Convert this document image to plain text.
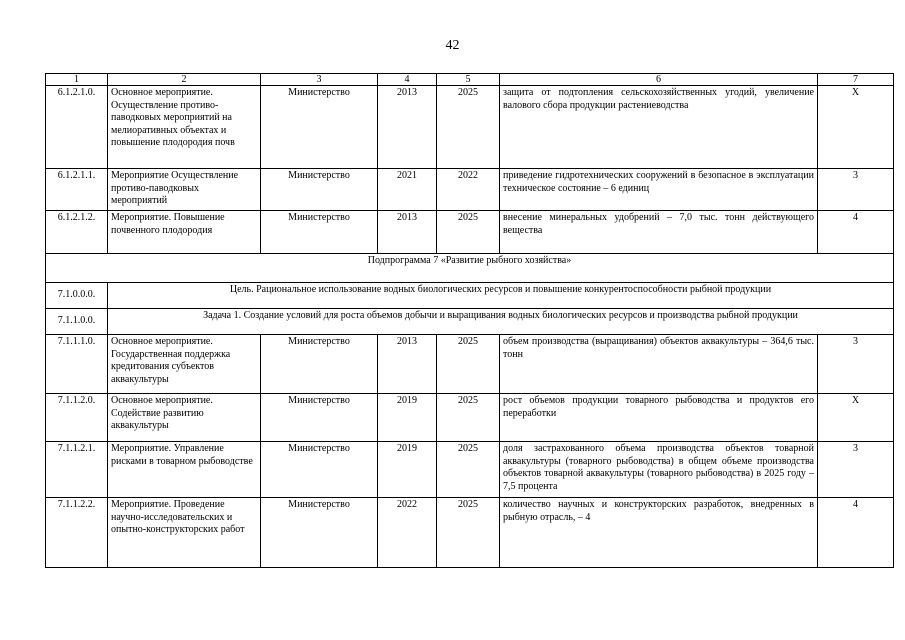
42
1	2	3	4	5	6	7
6.1.2.1.0.	Основное мероприятие. Осуществление противо-паводковых мероприятий на мелиоративных объектах и повышение плодородия почв	Министерство	2013	2025	защита от подтопления сельскохозяйственных угодий, увеличение валового сбора продукции растениеводства	Х
6.1.2.1.1.	Мероприятие Осуществление противо-паводковых мероприятий	Министерство	2021	2022	приведение гидротехнических сооружений в безопасное в эксплуатации техническое состояние – 6 единиц	3
6.1.2.1.2.	Мероприятие. Повышение почвенного плодородия	Министерство	2013	2025	внесение минеральных удобрений – 7,0 тыс. тонн действующего вещества	4
Подпрограмма 7 «Развитие рыбного хозяйства»						
7.1.0.0.0.	Цель. Рациональное использование водных биологических ресурсов и повышение конкурентоспособности рыбной продукции					
7.1.1.0.0.	Задача 1. Создание условий для роста объемов добычи и выращивания водных биологических ресурсов и производства рыбной продукции					
7.1.1.1.0.	Основное мероприятие. Государственная поддержка кредитования субъектов аквакультуры	Министерство	2013	2025	объем производства (выращивания) объектов аквакультуры – 364,6 тыс. тонн	3
7.1.1.2.0.	Основное мероприятие. Содействие развитию аквакультуры	Министерство	2019	2025	рост объемов продукции товарного рыбоводства и продуктов его переработки	Х
7.1.1.2.1.	Мероприятие. Управление рисками в товарном рыбоводстве	Министерство	2019	2025	доля застрахованного объема производства объектов товарной аквакультуры (товарного рыбоводства) в общем объеме производства объектов товарной аквакультуры (товарного рыбоводства) в 2025 году – 7,5 процента	3
7.1.1.2.2.	Мероприятие. Проведение научно-исследовательских и опытно-конструкторских работ	Министерство	2022	2025	количество научных и конструкторских разработок, внедренных в рыбную отрасль, – 4	4
